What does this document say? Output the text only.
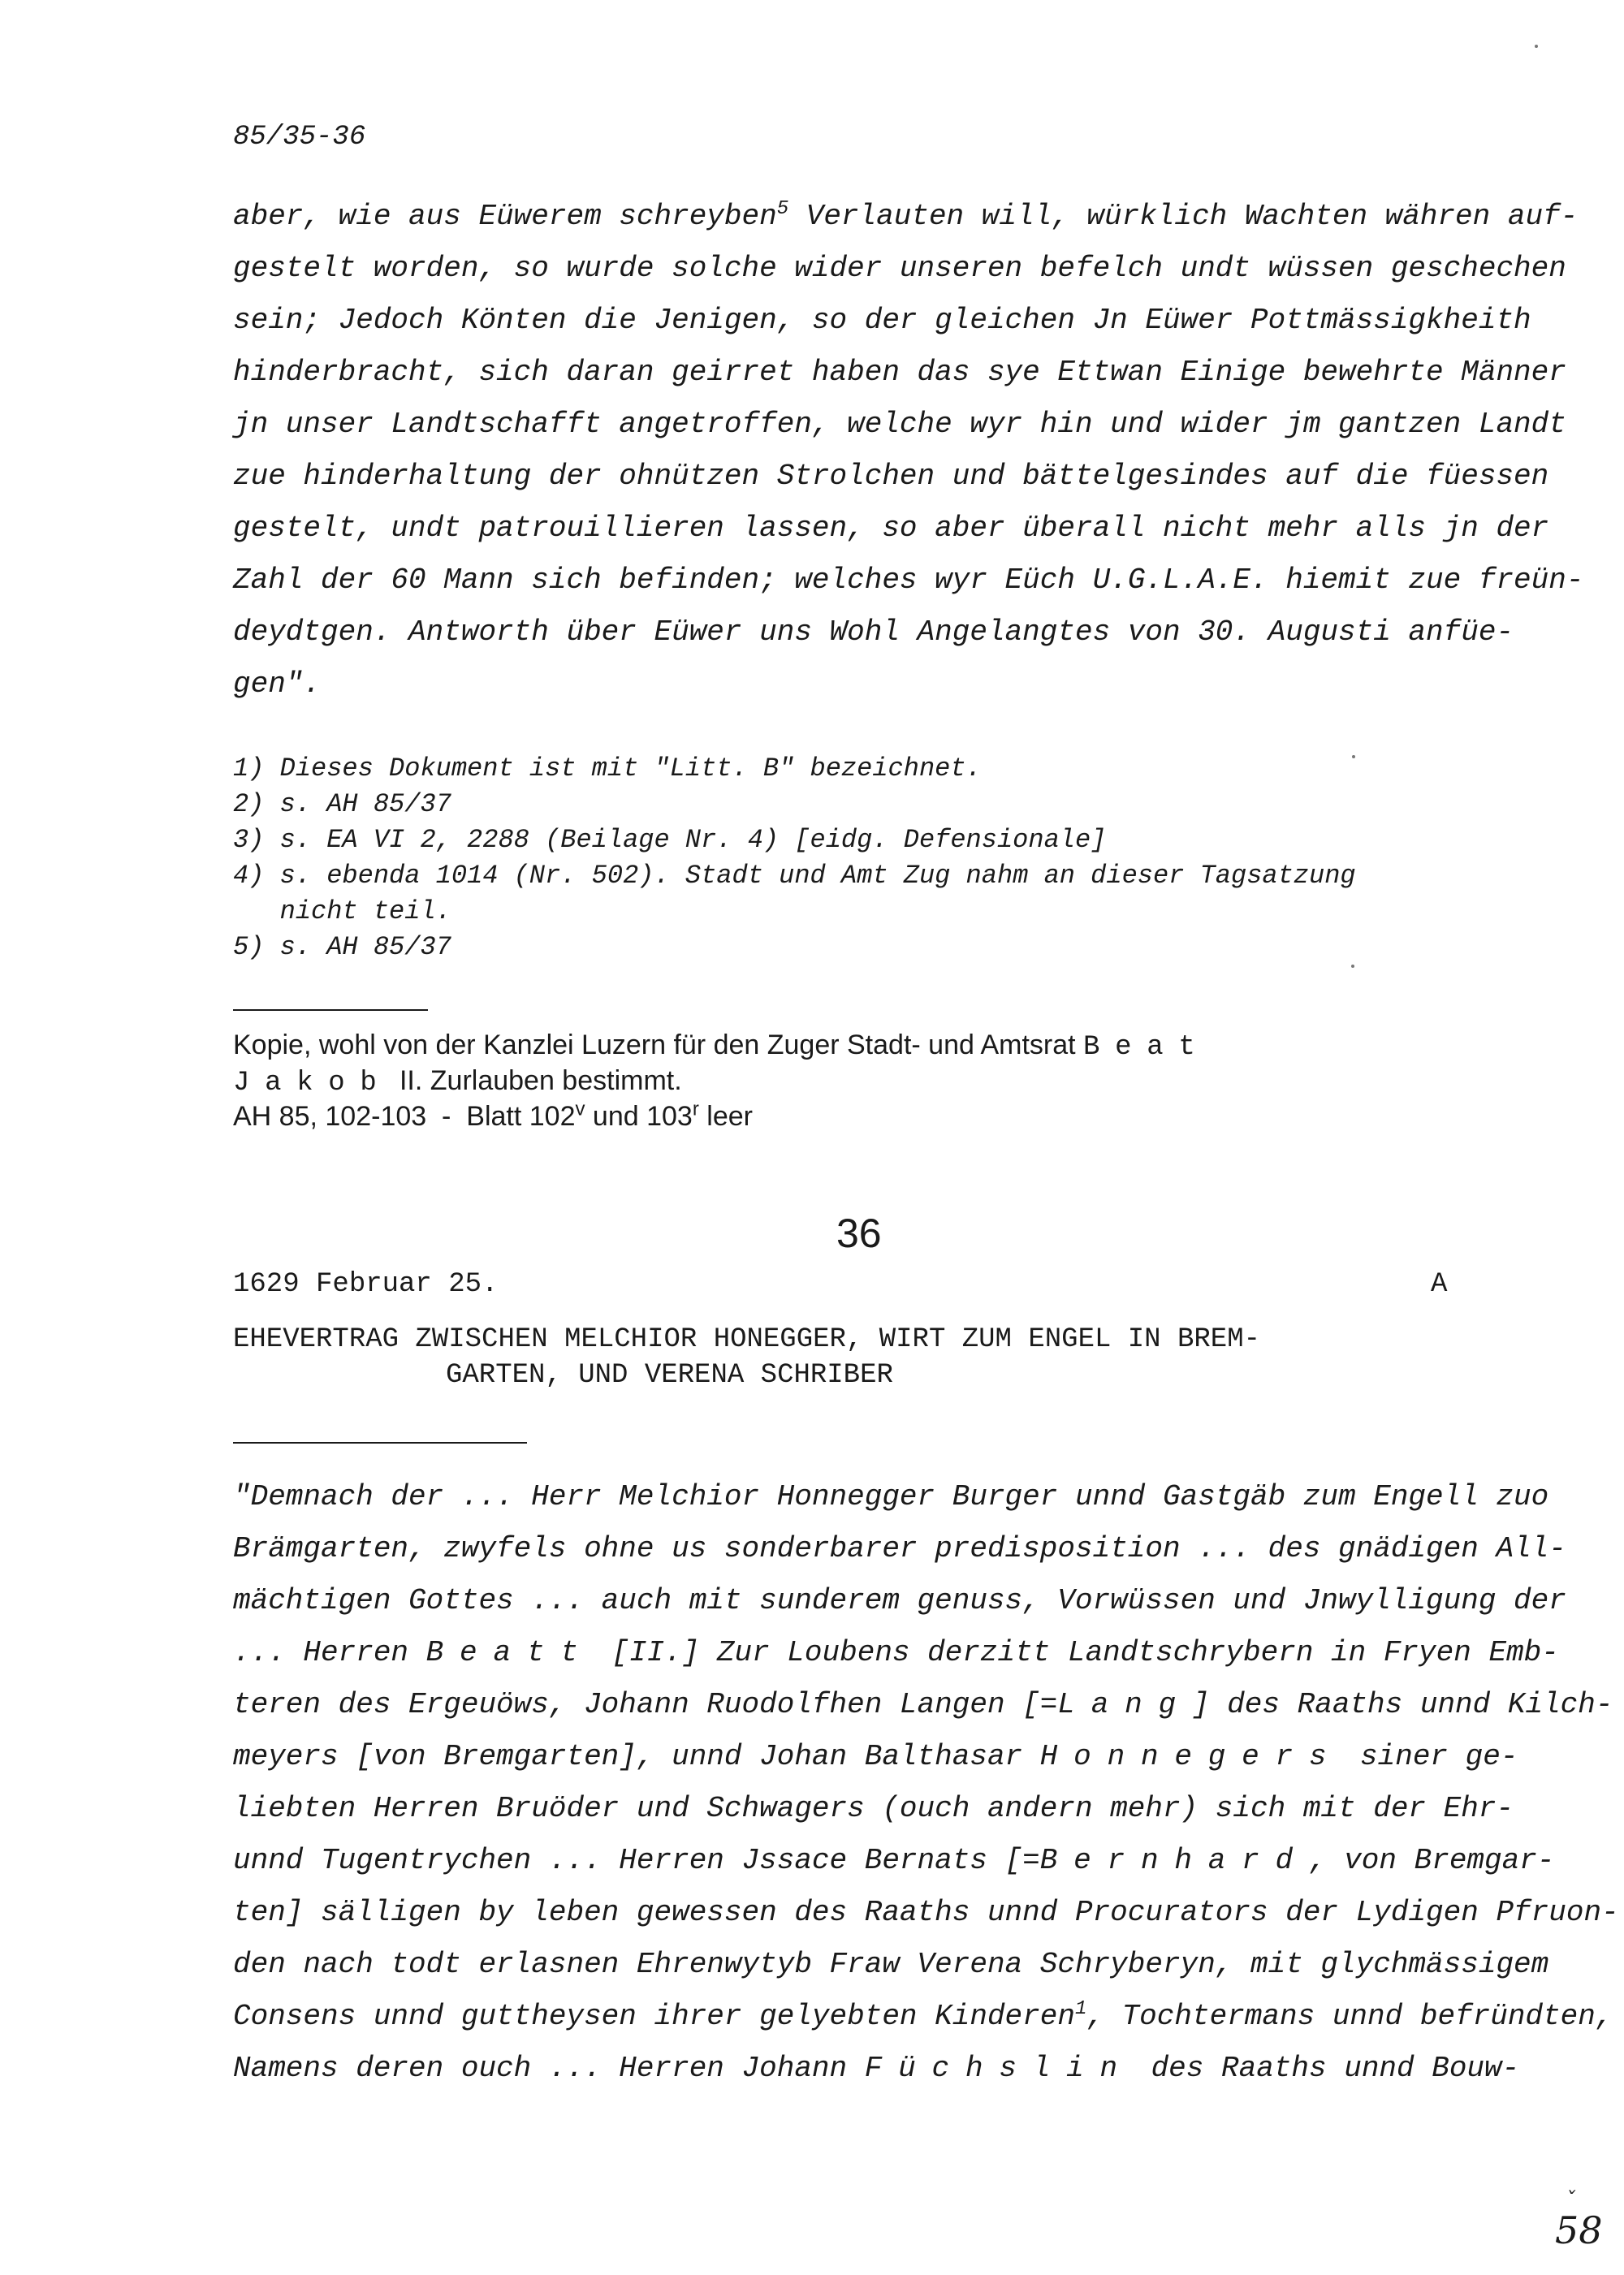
85/35-36
aber, wie aus Eüwerem schreyben$^5$ Verlauten will, würklich Wachten währen auf-
gestelt worden, so wurde solche wider unseren befelch undt wüssen geschechen
sein; Jedoch Könten die Jenigen, so der gleichen Jn Eüwer Pottmässigkheith
hinderbracht, sich daran geirret haben das sye Ettwan Einige bewehrte Männer
jn unser Landtschafft angetroffen, welche wyr hin und wider jm gantzen Landt
zue hinderhaltung der ohnützen Strolchen und bättelgesindes auf die füessen
gestelt, undt patrouillieren lassen, so aber überall nicht mehr alls jn der
Zahl der 60 Mann sich befinden; welches wyr Eüch U.G.L.A.E. hiemit zue freün-
deydtgen. Antworth über Eüwer uns Wohl Angelangtes von 30. Augusti anfüe-
gen".
1) Dieses Dokument ist mit "Litt. B" bezeichnet.
2) s. AH 85/37
3) s. EA VI 2, 2288 (Beilage Nr. 4) [eidg. Defensionale]
4) s. ebenda 1014 (Nr. 502). Stadt und Amt Zug nahm an dieser Tagsatzung
nicht teil.
5) s. AH 85/37
Kopie, wohl von der Kanzlei Luzern für den Zuger Stadt- und Amtsrat Beat
Jakob II. Zurlauben bestimmt.
AH 85, 102-103  -  Blatt 102$^v$ und 103$^r$ leer
36
1629 Februar 25.	A
EHEVERTRAG ZWISCHEN MELCHIOR HONEGGER, WIRT ZUM ENGEL IN BREM-
GARTEN, UND VERENA SCHRIBER
"Demnach der ... Herr Melchior Honnegger Burger unnd Gastgäb zum Engell zuo
Brämgarten, zwyfels ohne us sonderbarer predisposition ... des gnädigen All-
mächtigen Gottes ... auch mit sunderem genuss, Vorwüssen und Jnwylligung der
... Herren Beatt [II.] Zur Loubens derzitt Landtschrybern in Fryen Emb-
teren des Ergeuöws, Johann Ruodolfhen Langen [=Lang] des Raaths unnd Kilch-
meyers [von Bremgarten], unnd Johan Balthasar Honnegers siner ge-
liebten Herren Bruöder und Schwagers (ouch andern mehr) sich mit der Ehr-
unnd Tugentrychen ... Herren Jssace Bernats [=Bernhard, von Bremgar-
ten] sälligen by leben gewessen des Raaths unnd Procurators der Lydigen Pfruon-
den nach todt erlasnen Ehrenwytyb Fraw Verena Schryberyn, mit glychmässigem
Consens unnd guttheysen ihrer gelyebten Kinderen$^1$, Tochtermans unnd befründten,
Namens deren ouch ... Herren Johann Füchslin des Raaths unnd Bouw-
ˇ
58
